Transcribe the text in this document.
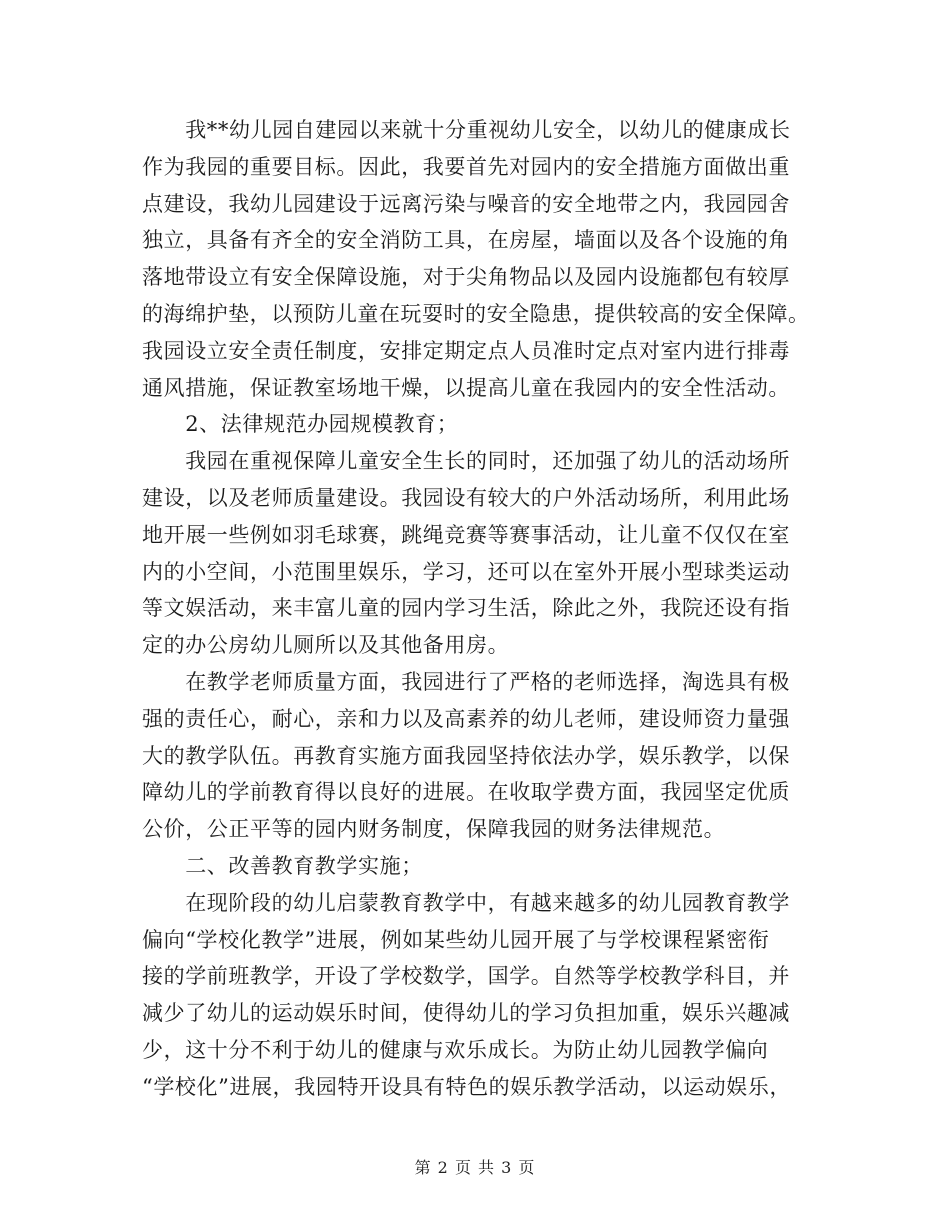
　　我**幼儿园自建园以来就十分重视幼儿安全，以幼儿的健康成长
作为我园的重要目标。因此，我要首先对园内的安全措施方面做出重
点建设，我幼儿园建设于远离污染与噪音的安全地带之内，我园园舍
独立，具备有齐全的安全消防工具，在房屋，墙面以及各个设施的角
落地带设立有安全保障设施，对于尖角物品以及园内设施都包有较厚
的海绵护垫，以预防儿童在玩耍时的安全隐患，提供较高的安全保障。
我园设立安全责任制度，安排定期定点人员准时定点对室内进行排毒
通风措施，保证教室场地干燥，以提高儿童在我园内的安全性活动。
　　2、法律规范办园规模教育；
　　我园在重视保障儿童安全生长的同时，还加强了幼儿的活动场所
建设，以及老师质量建设。我园设有较大的户外活动场所，利用此场
地开展一些例如羽毛球赛，跳绳竞赛等赛事活动，让儿童不仅仅在室
内的小空间，小范围里娱乐，学习，还可以在室外开展小型球类运动
等文娱活动，来丰富儿童的园内学习生活，除此之外，我院还设有指
定的办公房幼儿厕所以及其他备用房。
　　在教学老师质量方面，我园进行了严格的老师选择，淘选具有极
强的责任心，耐心，亲和力以及高素养的幼儿老师，建设师资力量强
大的教学队伍。再教育实施方面我园坚持依法办学，娱乐教学，以保
障幼儿的学前教育得以良好的进展。在收取学费方面，我园坚定优质
公价，公正平等的园内财务制度，保障我园的财务法律规范。
　　二、改善教育教学实施；
　　在现阶段的幼儿启蒙教育教学中，有越来越多的幼儿园教育教学
偏向“学校化教学”进展，例如某些幼儿园开展了与学校课程紧密衔
接的学前班教学，开设了学校数学，国学。自然等学校教学科目，并
减少了幼儿的运动娱乐时间，使得幼儿的学习负担加重，娱乐兴趣减
少，这十分不利于幼儿的健康与欢乐成长。为防止幼儿园教学偏向
“学校化”进展，我园特开设具有特色的娱乐教学活动，以运动娱乐，
第 2 页 共 3 页
